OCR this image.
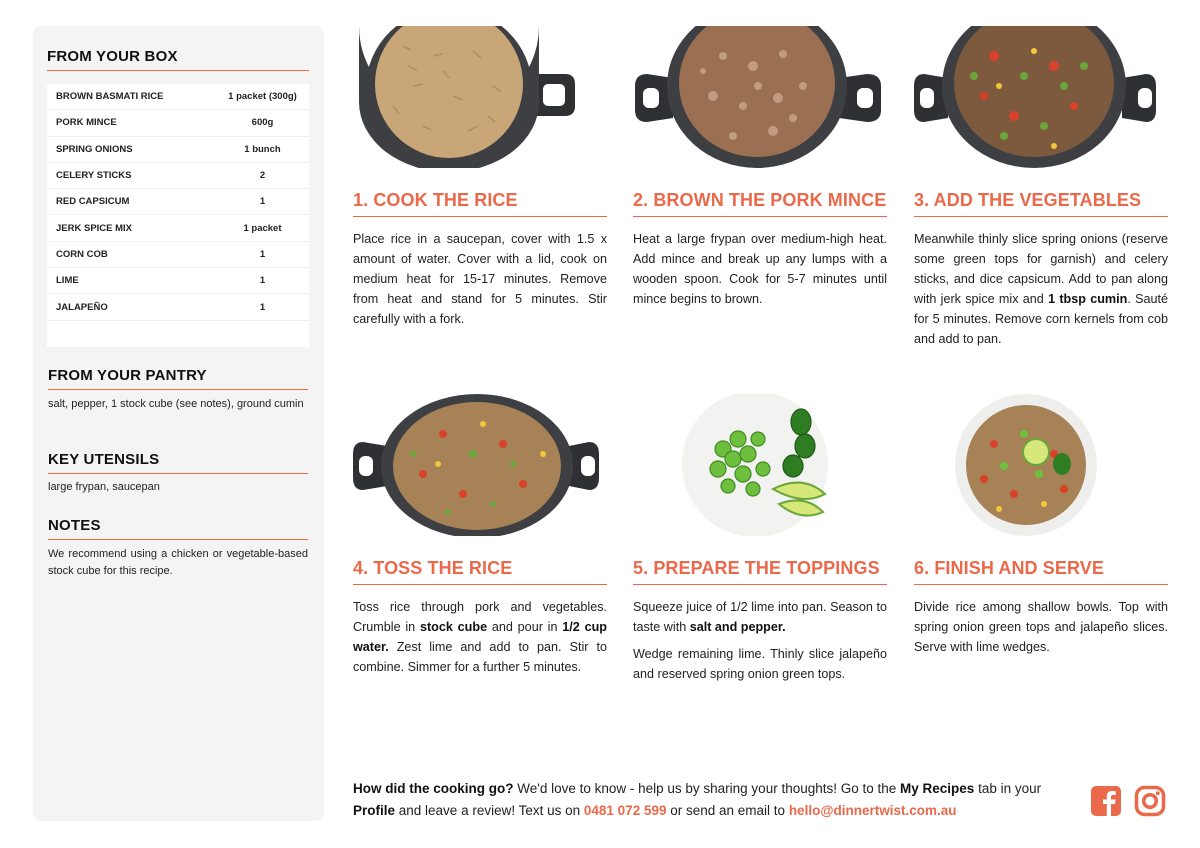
FROM YOUR BOX
BROWN BASMATI RICE	1 packet (300g)
PORK MINCE	600g
SPRING ONIONS	1 bunch
CELERY STICKS	2
RED CAPSICUM	1
JERK SPICE MIX	1 packet
CORN COB	1
LIME	1
JALAPEÑO	1
FROM YOUR PANTRY
salt, pepper, 1 stock cube (see notes), ground cumin
KEY UTENSILS
large frypan, saucepan
NOTES
We recommend using a chicken or vegetable-based stock cube for this recipe.
1. COOK THE RICE

Place rice in a saucepan, cover with 1.5 x amount of water. Cover with a lid, cook on medium heat for 15-17 minutes. Remove from heat and stand for 5 minutes. Stir carefully with a fork.

2. BROWN THE PORK MINCE

Heat a large frypan over medium-high heat. Add mince and break up any lumps with a wooden spoon. Cook for 5-7 minutes until mince begins to brown.

3. ADD THE VEGETABLES

Meanwhile thinly slice spring onions (reserve some green tops for garnish) and celery sticks, and dice capsicum. Add to pan along with jerk spice mix and 1 tbsp cumin. Sauté for 5 minutes. Remove corn kernels from cob and add to pan.

4. TOSS THE RICE

Toss rice through pork and vegetables. Crumble in stock cube and pour in 1/2 cup water. Zest lime and add to pan. Stir to combine. Simmer for a further 5 minutes.

5. PREPARE THE TOPPINGS

Squeeze juice of 1/2 lime into pan. Season to taste with salt and pepper.

Wedge remaining lime. Thinly slice jalapeño and reserved spring onion green tops.

6. FINISH AND SERVE

Divide rice among shallow bowls. Top with spring onion green tops and jalapeño slices. Serve with lime wedges.

How did the cooking go? We'd love to know - help us by sharing your thoughts! Go to the My Recipes tab in your Profile and leave a review! Text us on 0481 072 599 or send an email to hello@dinnertwist.com.au
